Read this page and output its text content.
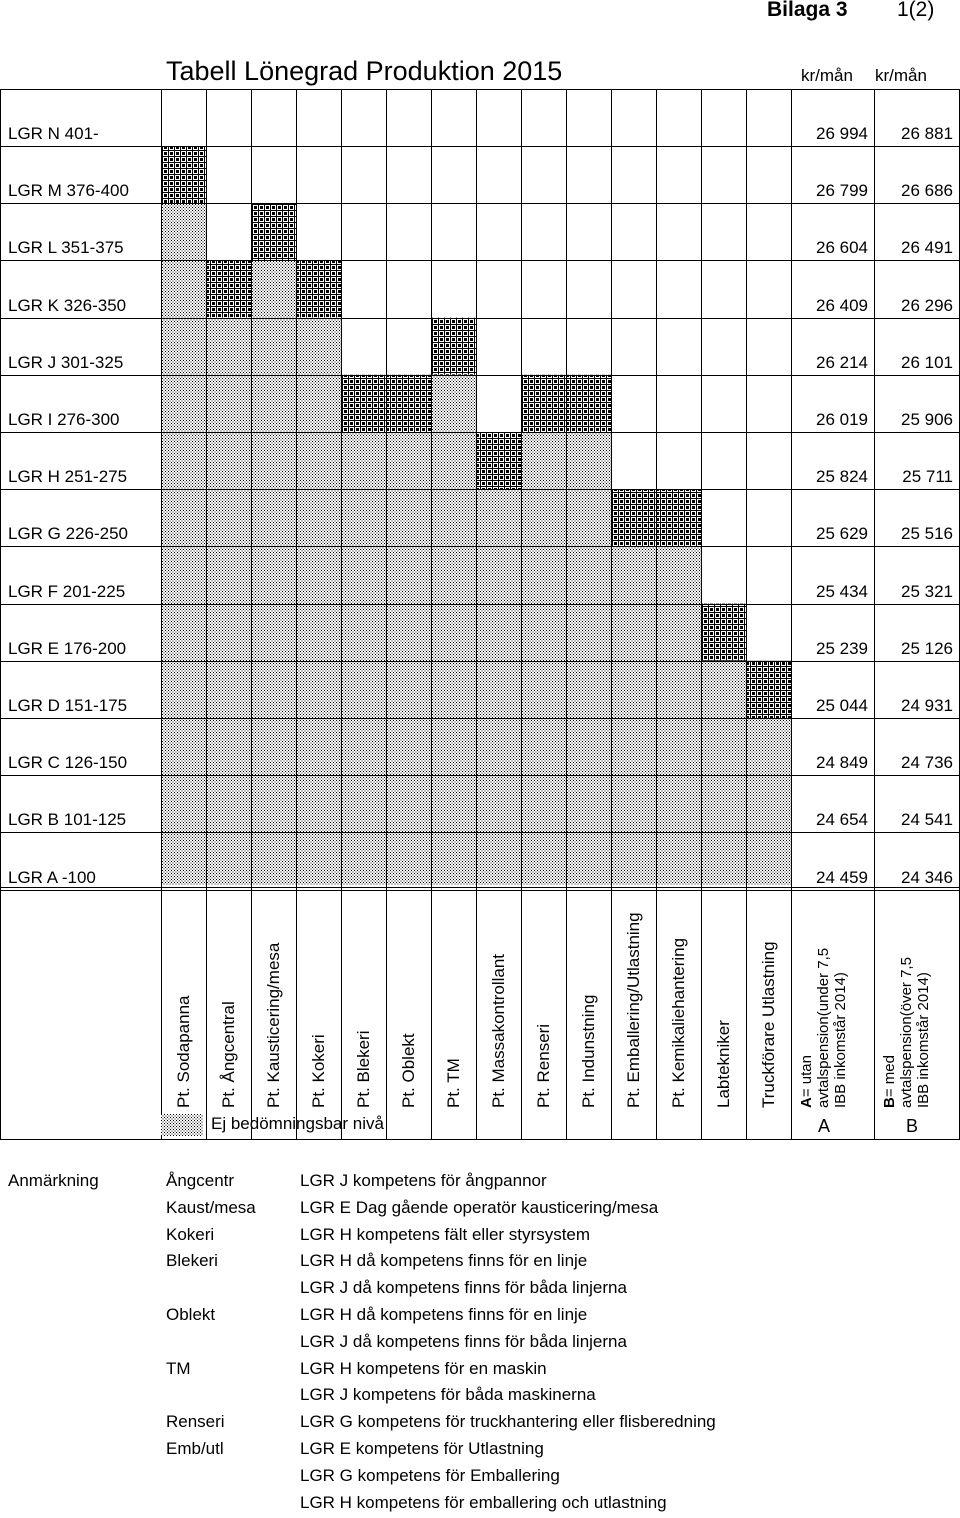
Bilaga 3 1(2)
Tabell Lönegrad Produktion 2015	kr/mån kr/mån
LGR N 401-	26 994	26 881
LGR M 376-400	26 799	26 686
LGR L 351-375	26 604	26 491
LGR K 326-350	26 409	26 296
LGR J 301-325	26 214	26 101
LGR I 276-300	26 019	25 906
LGR H 251-275	25 824	25 711
LGR G 226-250	25 629	25 516
LGR F 201-225	25 434	25 321
LGR E 176-200	25 239	25 126
LGR D 151-175	25 044	24 931
LGR C 126-150	24 849	24 736
LGR B 101-125	24 654	24 541
LGR A -100	24 459	24 346
Pt. Sodapanna Pt. Ångcentral Pt. Kausticering/mesa Pt. Kokeri Pt. Blekeri Pt. Oblekt Pt. TM Pt. Massakontrollant Pt. Renseri Pt. Indunstning Pt. Emballering/Utlastning Pt. Kemikaliehantering Labtekniker Truckförare Utlastning A= utan avtalspension(under 7,5 IBB inkomstår 2014) B= med avtalspension(över 7,5 IBB inkomstår 2014)
A	B
Ej bedömningsbar nivå
Anmärkning	Ångcentr	LGR J kompetens för ångpannor
Kaust/mesa	LGR E Dag gående operatör kausticering/mesa
Kokeri	LGR H kompetens fält eller styrsystem
Blekeri	LGR H då kompetens finns för en linje
LGR J då kompetens finns för båda linjerna
Oblekt	LGR H då kompetens finns för en linje
LGR J då kompetens finns för båda linjerna
TM	LGR H kompetens för en maskin
LGR J kompetens för båda maskinerna
Renseri	LGR G kompetens för truckhantering eller flisberedning
Emb/utl	LGR E kompetens för Utlastning
LGR G kompetens för Emballering
LGR H kompetens för emballering och utlastning
